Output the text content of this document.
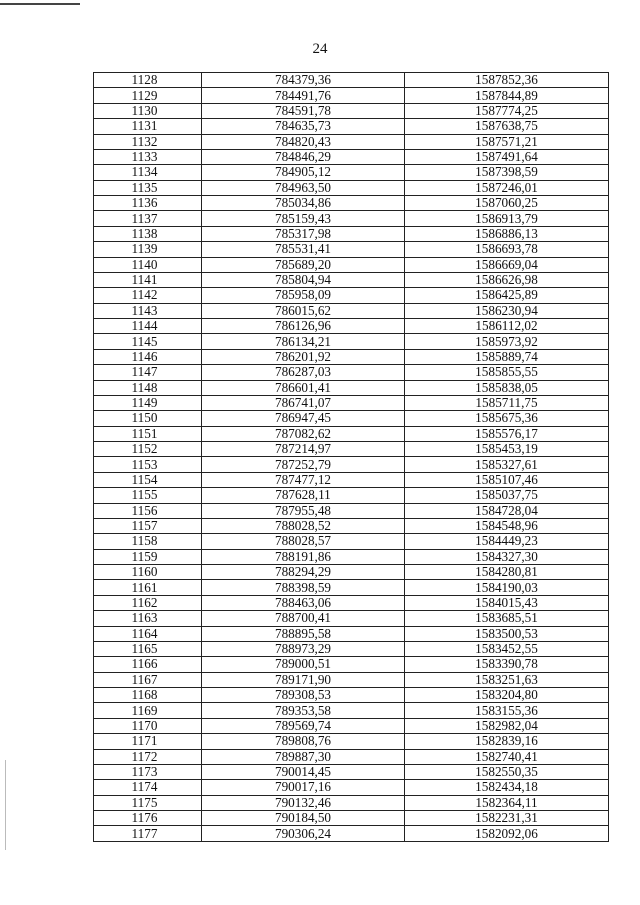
24
1128	784379,36	1587852,36
1129	784491,76	1587844,89
1130	784591,78	1587774,25
1131	784635,73	1587638,75
1132	784820,43	1587571,21
1133	784846,29	1587491,64
1134	784905,12	1587398,59
1135	784963,50	1587246,01
1136	785034,86	1587060,25
1137	785159,43	1586913,79
1138	785317,98	1586886,13
1139	785531,41	1586693,78
1140	785689,20	1586669,04
1141	785804,94	1586626,98
1142	785958,09	1586425,89
1143	786015,62	1586230,94
1144	786126,96	1586112,02
1145	786134,21	1585973,92
1146	786201,92	1585889,74
1147	786287,03	1585855,55
1148	786601,41	1585838,05
1149	786741,07	1585711,75
1150	786947,45	1585675,36
1151	787082,62	1585576,17
1152	787214,97	1585453,19
1153	787252,79	1585327,61
1154	787477,12	1585107,46
1155	787628,11	1585037,75
1156	787955,48	1584728,04
1157	788028,52	1584548,96
1158	788028,57	1584449,23
1159	788191,86	1584327,30
1160	788294,29	1584280,81
1161	788398,59	1584190,03
1162	788463,06	1584015,43
1163	788700,41	1583685,51
1164	788895,58	1583500,53
1165	788973,29	1583452,55
1166	789000,51	1583390,78
1167	789171,90	1583251,63
1168	789308,53	1583204,80
1169	789353,58	1583155,36
1170	789569,74	1582982,04
1171	789808,76	1582839,16
1172	789887,30	1582740,41
1173	790014,45	1582550,35
1174	790017,16	1582434,18
1175	790132,46	1582364,11
1176	790184,50	1582231,31
1177	790306,24	1582092,06
